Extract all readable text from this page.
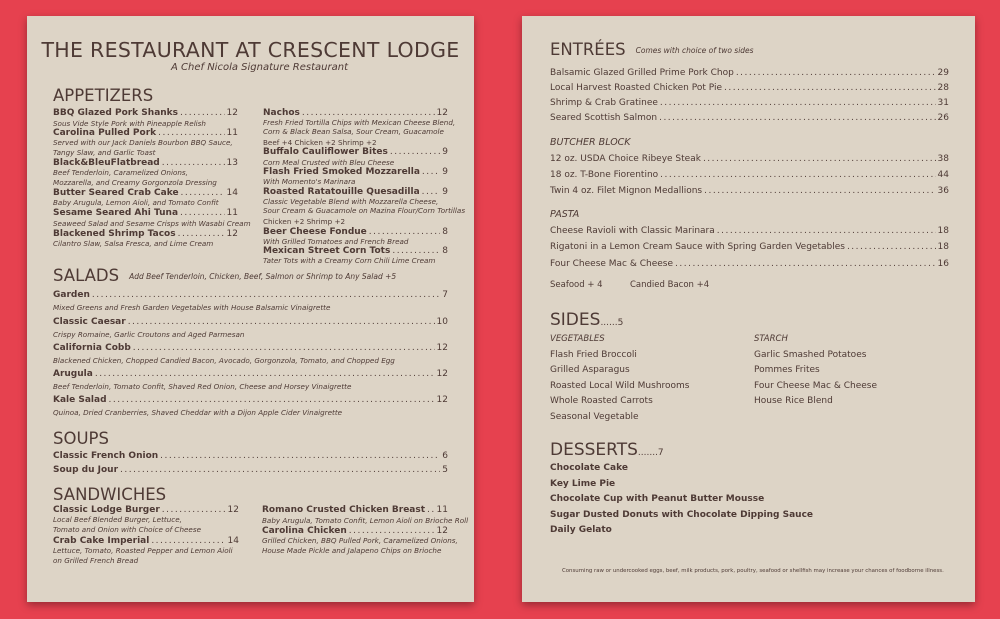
THE RESTAURANT AT CRESCENT LODGE
A Chef Nicola Signature Restaurant
APPETIZERS
BBQ Glazed Pork Shanks .....	12
Sous Vide Style Pork with Pineapple Relish
Carolina Pulled Pork .....	11
Served with our Jack Daniels Bourbon BBQ Sauce,
Tangy Slaw, and Garlic Toast
Black&BleuFlatbread .....	13
Beef Tenderloin, Caramelized Onions,
Mozzarella, and Creamy Gorgonzola Dressing
Butter Seared Crab Cake .....	14
Baby Arugula, Lemon Aioli, and Tomato Confit
Sesame Seared Ahi Tuna .....	11
Seaweed Salad and Sesame Crisps with Wasabi Cream
Blackened Shrimp Tacos .....	12
Cilantro Slaw, Salsa Fresca, and Lime Cream
Nachos .....	12
Fresh Fried Tortilla Chips with Mexican Cheese Blend,
Corn & Black Bean Salsa, Sour Cream, Guacamole
Beef +4 Chicken +2 Shrimp +2
Buffalo Cauliflower Bites .....	9
Corn Meal Crusted with Bleu Cheese
Flash Fried Smoked Mozzarella ..... 9
With Momento's Marinara
Roasted Ratatouille Quesadilla .....	9
Classic Vegetable Blend with Mozzarella Cheese,
Sour Cream & Guacamole on Mazina Flour/Corn Tortillas
Chicken +2 Shrimp +2
Beer Cheese Fondue .....	8
With Grilled Tomatoes and French Bread
Mexican Street Corn Tots .....	8
Tater Tots with a Creamy Corn Chili Lime Cream
SALADS Add Beef Tenderloin, Chicken, Beef, Salmon or Shrimp to Any Salad +5
Garden .....	7
Mixed Greens and Fresh Garden Vegetables with House Balsamic Vinaigrette
Classic Caesar .....	10
Crispy Romaine, Garlic Croutons and Aged Parmesan
California Cobb .....	12
Blackened Chicken, Chopped Candied Bacon, Avocado, Gorgonzola, Tomato, and Chopped Egg
Arugula .....	12
Beef Tenderloin, Tomato Confit, Shaved Red Onion, Cheese and Horsey Vinaigrette
Kale Salad .....	12
Quinoa, Dried Cranberries, Shaved Cheddar with a Dijon Apple Cider Vinaigrette
SOUPS
Classic French Onion .....	6
Soup du Jour .....	5
SANDWICHES
Classic Lodge Burger .....	12
Local Beef Blended Burger, Lettuce,
Tomato and Onion with Choice of Cheese
Crab Cake Imperial .....	14
Lettuce, Tomato, Roasted Pepper and Lemon Aioli
on Grilled French Bread
Romano Crusted Chicken Breast ..... 11
Baby Arugula, Tomato Confit, Lemon Aioli on Brioche Roll
Carolina Chicken .....	12
Grilled Chicken, BBQ Pulled Pork, Caramelized Onions,
House Made Pickle and Jalapeno Chips on Brioche
ENTRÉES Comes with choice of two sides
Balsamic Glazed Grilled Prime Pork Chop .....	29
Local Harvest Roasted Chicken Pot Pie .....	28
Shrimp & Crab Gratinee .....	31
Seared Scottish Salmon .....	26
BUTCHER BLOCK
12 oz. USDA Choice Ribeye Steak .....	38
18 oz. T-Bone Fiorentino .....	44
Twin 4 oz. Filet Mignon Medallions .....	36
PASTA
Cheese Ravioli with Classic Marinara .....	18
Rigatoni in a Lemon Cream Sauce with Spring Garden Vegetables .....	18
Four Cheese Mac & Cheese .....	16
Seafood + 4	Candied Bacon +4
SIDES......5
VEGETABLES
Flash Fried Broccoli
Grilled Asparagus
Roasted Local Wild Mushrooms
Whole Roasted Carrots
Seasonal Vegetable
STARCH
Garlic Smashed Potatoes
Pommes Frites
Four Cheese Mac & Cheese
House Rice Blend
DESSERTS.......7
Chocolate Cake
Key Lime Pie
Chocolate Cup with Peanut Butter Mousse
Sugar Dusted Donuts with Chocolate Dipping Sauce
Daily Gelato
Consuming raw or undercooked eggs, beef, milk products, pork, poultry, seafood or shellfish may increase your chances of foodborne illness.
